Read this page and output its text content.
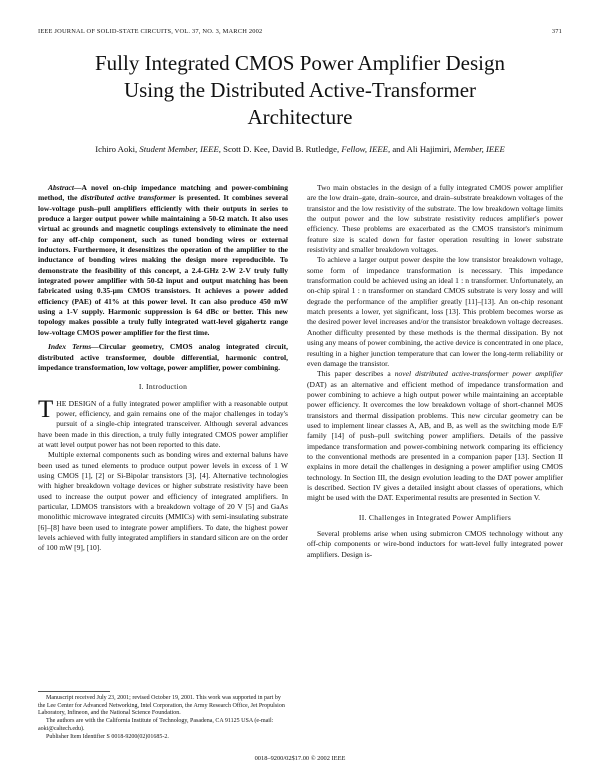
IEEE JOURNAL OF SOLID-STATE CIRCUITS, VOL. 37, NO. 3, MARCH 2002	371
Fully Integrated CMOS Power Amplifier Design
Using the Distributed Active-Transformer
Architecture
Ichiro Aoki, Student Member, IEEE, Scott D. Kee, David B. Rutledge, Fellow, IEEE, and Ali Hajimiri, Member, IEEE

Abstract—A novel on-chip impedance matching and power-combining method, the distributed active transformer is presented. It combines several low-voltage push–pull amplifiers efficiently with their outputs in series to produce a larger output power while maintaining a 50-Ω match. It also uses virtual ac grounds and magnetic couplings extensively to eliminate the need for any off-chip component, such as tuned bonding wires or external inductors. Furthermore, it desensitizes the operation of the amplifier to the inductance of bonding wires making the design more reproducible. To demonstrate the feasibility of this concept, a 2.4-GHz 2-W 2-V truly fully integrated power amplifier with 50-Ω input and output matching has been fabricated using 0.35-μm CMOS transistors. It achieves a power added efficiency (PAE) of 41% at this power level. It can also produce 450 mW using a 1-V supply. Harmonic suppression is 64 dBc or better. This new topology makes possible a truly fully integrated watt-level gigahertz range low-voltage CMOS power amplifier for the first time.

Index Terms—Circular geometry, CMOS analog integrated circuit, distributed active transformer, double differential, harmonic control, impedance transformation, low voltage, power amplifier, power combining.

I. Introduction

THE DESIGN of a fully integrated power amplifier with a reasonable output power, efficiency, and gain remains one of the major challenges in today's pursuit of a single-chip integrated transceiver. Although several advances have been made in this direction, a truly fully integrated CMOS power amplifier at watt level output power has not been reported to this date.

Multiple external components such as bonding wires and external baluns have been used as tuned elements to produce output power levels in excess of 1 W using CMOS [1], [2] or Si-Bipolar transistors [3], [4]. Alternative technologies with higher breakdown voltage devices or higher substrate resistivity have been used to increase the output power and efficiency of integrated amplifiers. In particular, LDMOS transistors with a breakdown voltage of 20 V [5] and GaAs monolithic microwave integrated circuits (MMICs) with semi-insulating substrate [6]–[8] have been used to integrate power amplifiers. To date, the highest power levels achieved with fully integrated amplifiers in standard silicon are on the order of 100 mW [9], [10].

Manuscript received July 23, 2001; revised October 19, 2001. This work was supported in part by the Lee Center for Advanced Networking, Intel Corporation, the Army Research Office, Jet Propulsion Laboratory, Infineon, and the National Science Foundation.

The authors are with the California Institute of Technology, Pasadena, CA 91125 USA (e-mail: aoki@caltech.edu).

Publisher Item Identifier S 0018-9200(02)01685-2.

Two main obstacles in the design of a fully integrated CMOS power amplifier are the low drain–gate, drain–source, and drain–substrate breakdown voltages of the transistor and the low resistivity of the substrate. The low breakdown voltage limits the output power and the low substrate resistivity reduces amplifier's power efficiency. These problems are exacerbated as the CMOS transistor's minimum feature size is scaled down for faster operation resulting in lower substrate resistivity and smaller breakdown voltages.

To achieve a larger output power despite the low transistor breakdown voltage, some form of impedance transformation is necessary. This impedance transformation could be achieved using an ideal 1 : n transformer. Unfortunately, an on-chip spiral 1 : n transformer on standard CMOS substrate is very lossy and will degrade the performance of the amplifier greatly [11]–[13]. An on-chip resonant match presents a lower, yet significant, loss [13]. This problem becomes worse as the desired power level increases and/or the transistor breakdown voltage decreases. Another difficulty presented by these methods is the thermal dissipation. By not using any means of power combining, the active device is concentrated in one place, resulting in a higher junction temperature that can lower the long-term reliability or even damage the transistor.

This paper describes a novel distributed active-transformer power amplifier (DAT) as an alternative and efficient method of impedance transformation and power combining to achieve a high output power while maintaining an acceptable power efficiency. It overcomes the low breakdown voltage of short-channel MOS transistors and thermal dissipation problems. This new circular geometry can be used to implement linear classes A, AB, and B, as well as the switching mode E/F family [14] of push–pull switching power amplifiers. Details of the passive impedance transformation and power-combining network comparing its efficiency to the conventional methods are presented in a companion paper [13]. Section II explains in more detail the challenges in designing a power amplifier using CMOS technology. In Section III, the design evolution leading to the DAT power amplifier is described. Section IV gives a detailed insight about classes of operations, which might be used with the DAT. Experimental results are presented in Section V.

II. Challenges in Integrated Power Amplifiers

Several problems arise when using submicron CMOS technology without any off-chip components or wire-bond inductors for watt-level fully integrated power amplifiers. Design is-

0018–9200/02$17.00 © 2002 IEEE
